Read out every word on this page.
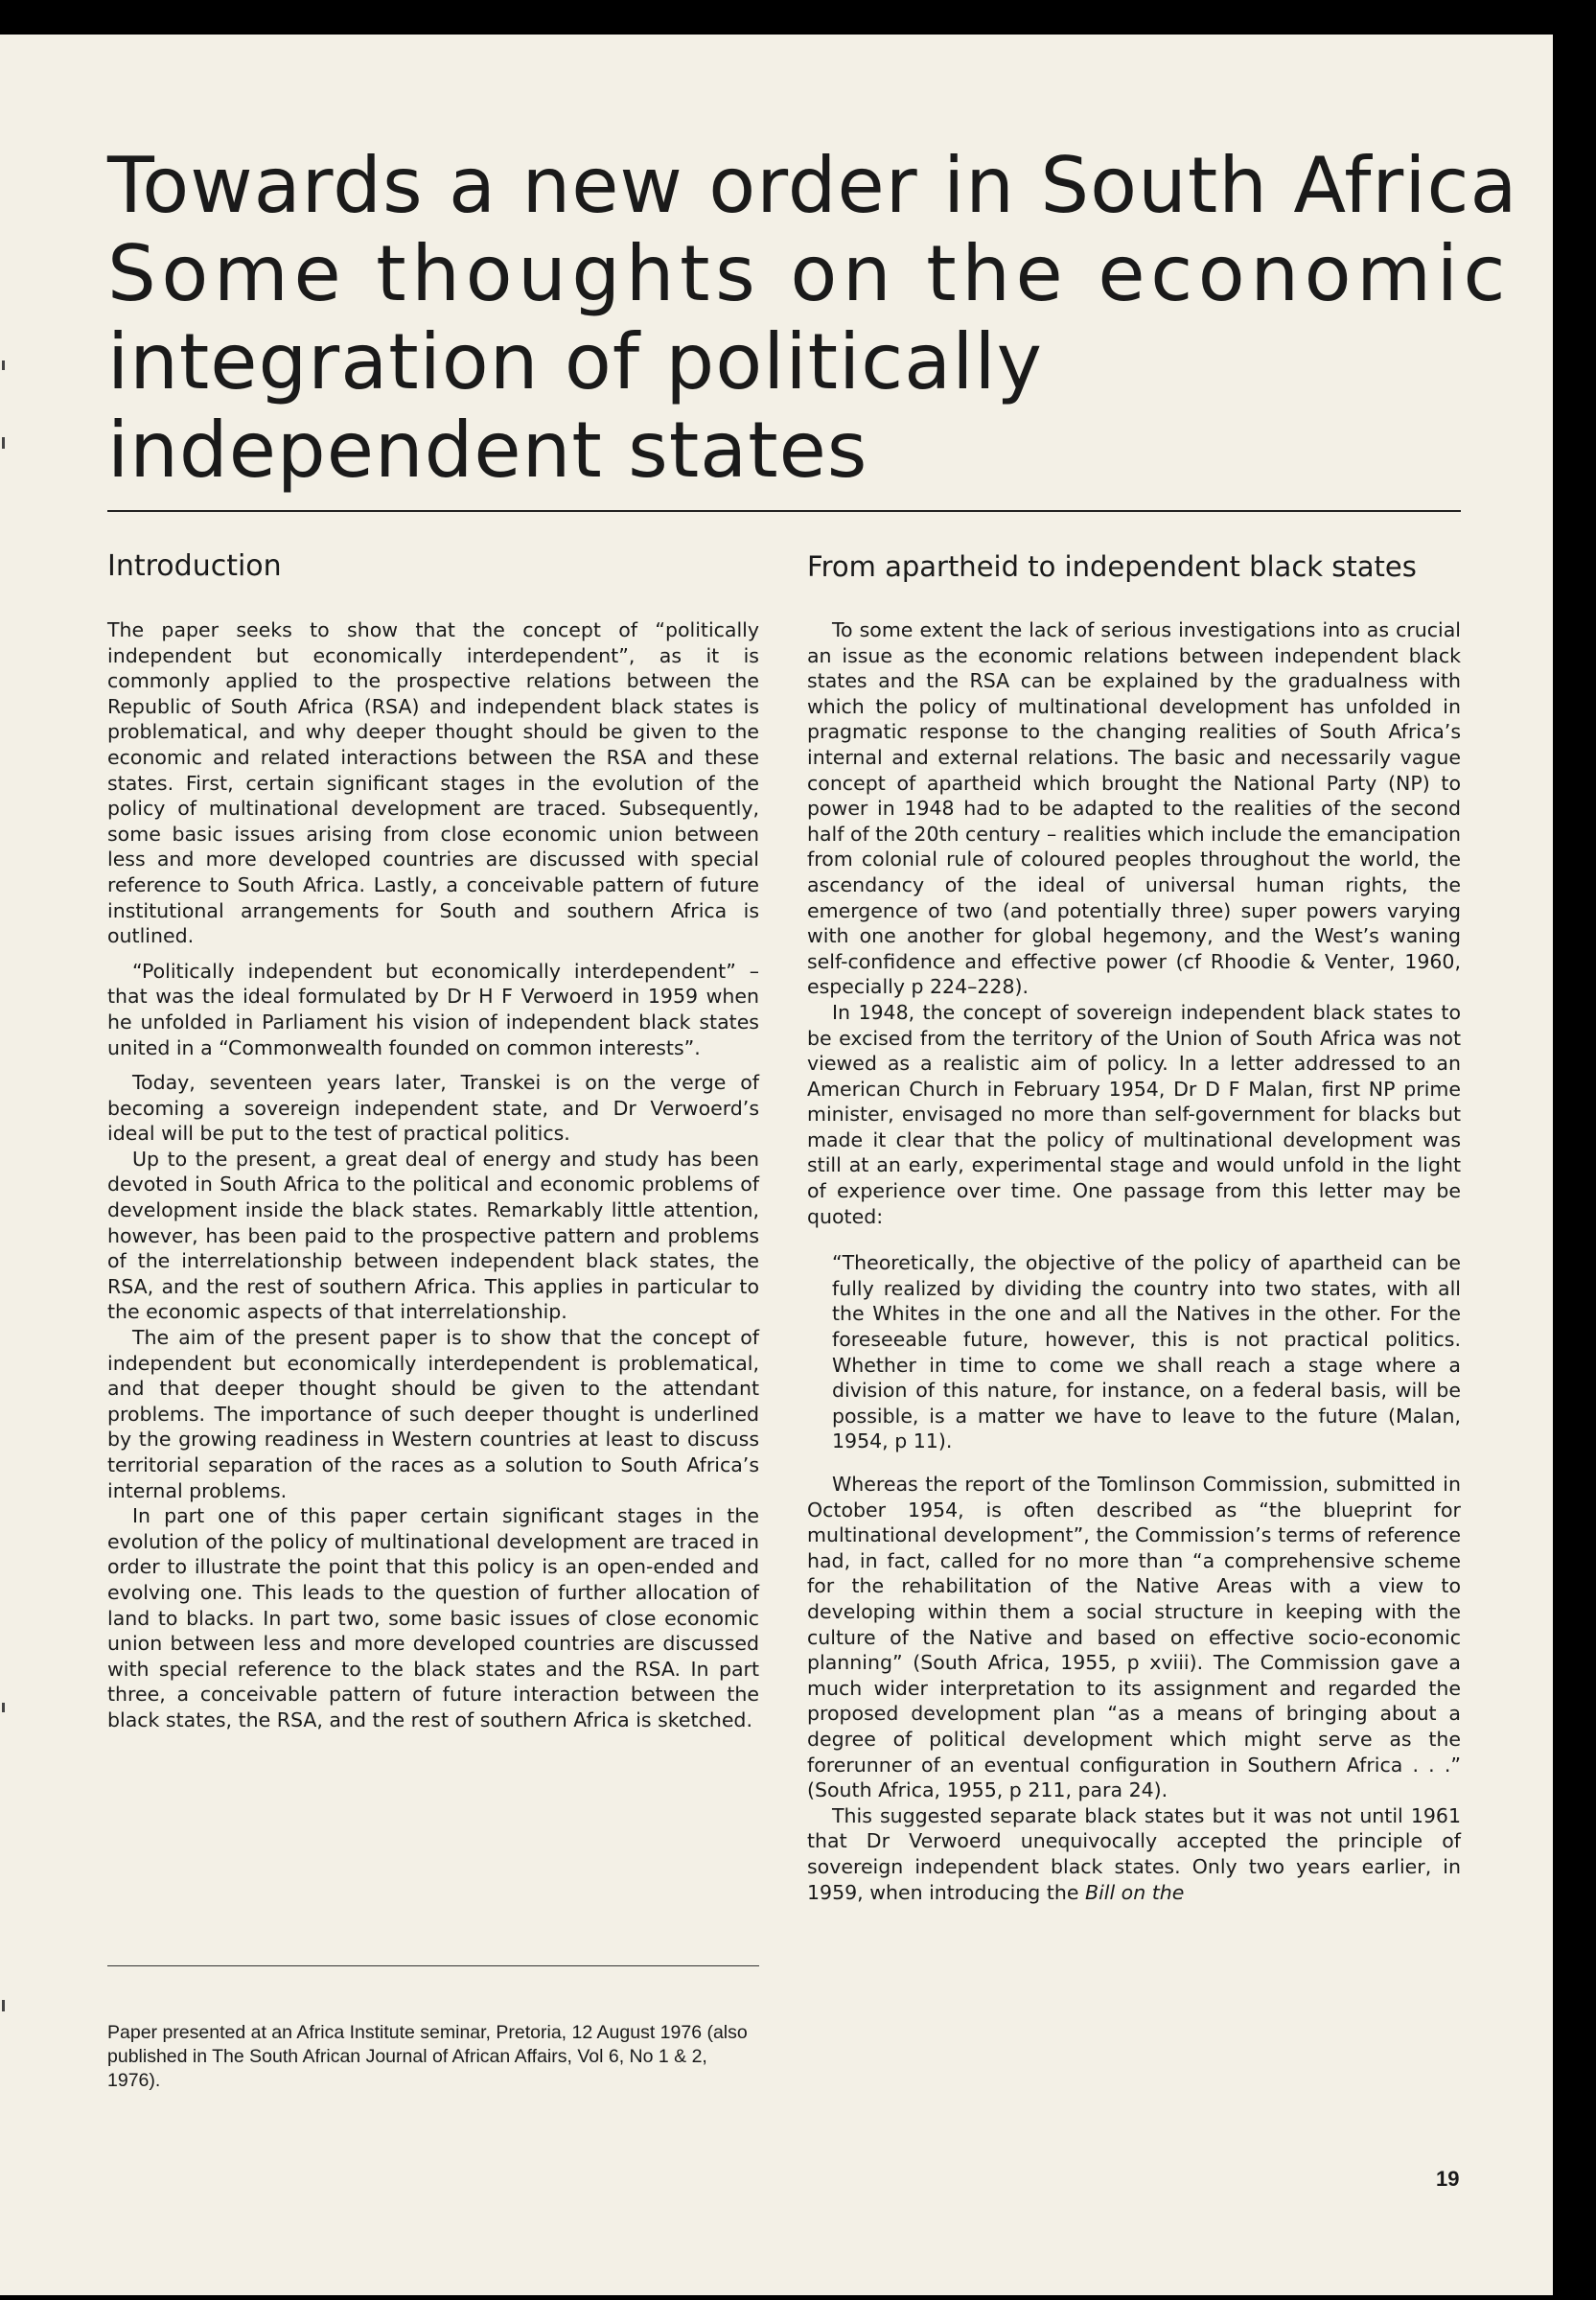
Towards a new order in South Africa
Some thoughts on the economic
integration of politically
independent states
Introduction

The paper seeks to show that the concept of “politically independent but economically interdependent”, as it is commonly applied to the prospective relations between the Republic of South Africa (RSA) and independent black states is problematical, and why deeper thought should be given to the economic and related interactions between the RSA and these states. First, certain significant stages in the evolution of the policy of multinational development are traced. Subsequently, some basic issues arising from close economic union between less and more developed countries are discussed with special reference to South Africa. Lastly, a conceivable pattern of future institutional arrangements for South and southern Africa is outlined.

“Politically independent but economically interdependent” – that was the ideal formulated by Dr H F Verwoerd in 1959 when he unfolded in Parliament his vision of independent black states united in a “Commonwealth founded on common interests”.

Today, seventeen years later, Transkei is on the verge of becoming a sovereign independent state, and Dr Verwoerd’s ideal will be put to the test of practical politics.

Up to the present, a great deal of energy and study has been devoted in South Africa to the political and economic problems of development inside the black states. Remarkably little attention, however, has been paid to the prospective pattern and problems of the interrelationship between independent black states, the RSA, and the rest of southern Africa. This applies in particular to the economic aspects of that interrelationship.

The aim of the present paper is to show that the concept of independent but economically interdependent is problematical, and that deeper thought should be given to the attendant problems. The importance of such deeper thought is underlined by the growing readiness in Western countries at least to discuss territorial separation of the races as a solution to South Africa’s internal problems.

In part one of this paper certain significant stages in the evolution of the policy of multinational development are traced in order to illustrate the point that this policy is an open-ended and evolving one. This leads to the question of further allocation of land to blacks. In part two, some basic issues of close economic union between less and more developed countries are discussed with special reference to the black states and the RSA. In part three, a conceivable pattern of future interaction between the black states, the RSA, and the rest of southern Africa is sketched.

Paper presented at an Africa Institute seminar, Pretoria, 12 August 1976 (also published in The South African Journal of African Affairs, Vol 6, No 1 & 2, 1976).

From apartheid to independent black states

To some extent the lack of serious investigations into as crucial an issue as the economic relations between independent black states and the RSA can be explained by the gradualness with which the policy of multinational development has unfolded in pragmatic response to the changing realities of South Africa’s internal and external relations. The basic and necessarily vague concept of apartheid which brought the National Party (NP) to power in 1948 had to be adapted to the realities of the second half of the 20th century – realities which include the emancipation from colonial rule of coloured peoples throughout the world, the ascendancy of the ideal of universal human rights, the emergence of two (and potentially three) super powers varying with one another for global hegemony, and the West’s waning self-confidence and effective power (cf Rhoodie & Venter, 1960, especially p 224–228).

In 1948, the concept of sovereign independent black states to be excised from the territory of the Union of South Africa was not viewed as a realistic aim of policy. In a letter addressed to an American Church in February 1954, Dr D F Malan, first NP prime minister, envisaged no more than self-government for blacks but made it clear that the policy of multinational development was still at an early, experimental stage and would unfold in the light of experience over time. One passage from this letter may be quoted:

“Theoretically, the objective of the policy of apartheid can be fully realized by dividing the country into two states, with all the Whites in the one and all the Natives in the other. For the foreseeable future, however, this is not practical politics. Whether in time to come we shall reach a stage where a division of this nature, for instance, on a federal basis, will be possible, is a matter we have to leave to the future (Malan, 1954, p 11).

Whereas the report of the Tomlinson Commission, submitted in October 1954, is often described as “the blueprint for multinational development”, the Commission’s terms of reference had, in fact, called for no more than “a comprehensive scheme for the rehabilitation of the Native Areas with a view to developing within them a social structure in keeping with the culture of the Native and based on effective socio-economic planning” (South Africa, 1955, p xviii). The Commission gave a much wider interpretation to its assignment and regarded the proposed development plan “as a means of bringing about a degree of political development which might serve as the forerunner of an eventual configuration in Southern Africa . . .” (South Africa, 1955, p 211, para 24).

This suggested separate black states but it was not until 1961 that Dr Verwoerd unequivocally accepted the principle of sovereign independent black states. Only two years earlier, in 1959, when introducing the Bill on the

19
